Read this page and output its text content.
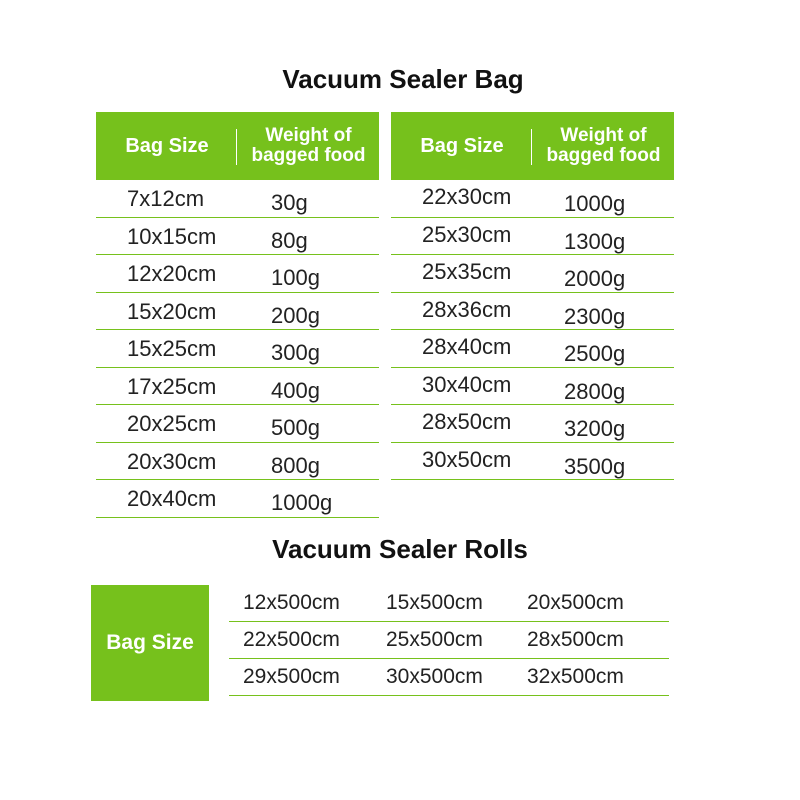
Vacuum Sealer Bag
Bag Size	Weight of
bagged food
7x12cm	30g
10x15cm 80g
12x20cm 100g
15x20cm 200g
15x25cm 300g
17x25cm 400g
20x25cm 500g
20x30cm 800g
20x40cm 1000g
Bag Size	Weight of
bagged food
22x30cm 1000g
25x30cm 1300g
25x35cm 2000g
28x36cm 2300g
28x40cm 2500g
30x40cm 2800g
28x50cm 3200g
30x50cm 3500g
Vacuum Sealer Rolls
Bag Size
12x500cm 15x500cm 20x500cm
22x500cm 25x500cm 28x500cm
29x500cm 30x500cm 32x500cm
